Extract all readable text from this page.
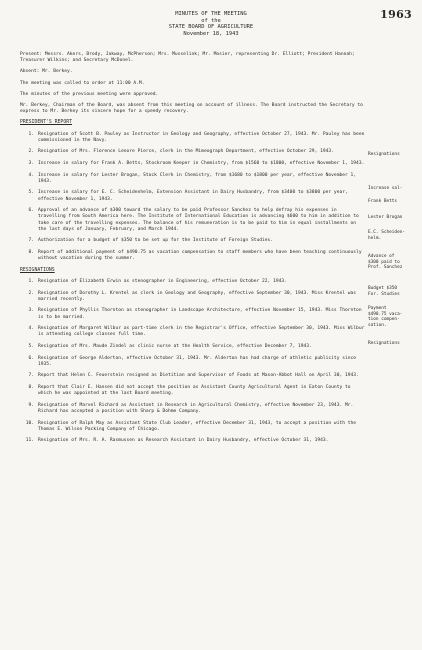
1963
MINUTES OF THE MEETING
of the
STATE BOARD OF AGRICULTURE
November 18, 1943

Present: Messrs. Akers, Brody, Jakway, McPherson; Mrs. Musselink; Mr. Mosier, representing Dr. Elliott; President Hannah; Treasurer Wilkins; and Secretary McDonel.

Absent: Mr. Berkey.

The meeting was called to order at 11:00 A.M.

The minutes of the previous meeting were approved.

Mr. Berkey, Chairman of the Board, was absent from this meeting on account of illness. The Board instructed the Secretary to express to Mr. Berkey its sincere hope for a speedy recovery.

PRESIDENT'S REPORT
1. Resignation of Scott B. Pauley as Instructor in Geology and Geography, effective October 27, 1943. Mr. Pauley has been commissioned in the Navy.
2. Resignation of Mrs. Florence Lenore Pierce, clerk in the Mimeograph Department, effective October 29, 1943.
3. Increase in salary for Frank A. Betts, Stockroom Keeper in Chemistry, from $1560 to $1800, effective November 1, 1943.
4. Increase in salary for Lester Brogan, Stock Clerk in Chemistry, from $1680 to $1800 per year, effective November 1, 1943.
5. Increase in salary for E. C. Scheidenhelm, Extension Assistant in Dairy Husbandry, from $3400 to $3800 per year, effective November 1, 1943.
6. Approval of an advance of $300 toward the salary to be paid Professor Sanchez to help defray his expenses in travelling from South America here. The Institute of International Education is advancing $600 to him in addition to take care of the travelling expenses. The balance of his remuneration is to be paid to him in equal installments on the last days of January, February, and March 1944.
7. Authorization for a budget of $350 to be set up for the Institute of Foreign Studies.
8. Report of additional payment of $490.75 as vacation compensation to staff members who have been teaching continuously without vacation during the summer.
RESIGNATIONS
1. Resignation of Elizabeth Erwin as stenographer in Engineering, effective October 22, 1943.
2. Resignation of Dorothy L. Krentel as clerk in Geology and Geography, effective September 30, 1943. Miss Krentel was married recently.
3. Resignation of Phyllis Thornton as stenographer in Landscape Architecture, effective November 15, 1943. Miss Thornton is to be married.
4. Resignation of Margaret Wilbur as part-time clerk in the Registrar's Office, effective September 30, 1943. Miss Wilbur is attending college classes full time.
5. Resignation of Mrs. Maude Zindel as clinic nurse at the Health Service, effective December 7, 1943.
6. Resignation of George Alderton, effective October 31, 1943. Mr. Alderton has had charge of athletic publicity since 1935.
7. Report that Helen C. Feuerstein resigned as Dietitian and Supervisor of Foods at Mason-Abbot Hall on April 30, 1943.
8. Report that Clair E. Hansen did not accept the position as Assistant County Agricultural Agent in Eaton County to which he was appointed at the last Board meeting.
9. Resignation of Marvel Richard as Assistant in Research in Agricultural Chemistry, effective November 23, 1943. Mr. Richard has accepted a position with Sharp & Dohme Company.
10. Resignation of Ralph May as Assistant State Club Leader, effective December 31, 1943, to accept a position with the Thomas E. Wilson Packing Company of Chicago.
11. Resignation of Mrs. R. A. Rasmussen as Research Assistant in Dairy Husbandry, effective October 31, 1943.
Resignations
Increase sal-
Frank Betts
Lester Brogan
E.C. Scheiden-
helm.
Advance of
$300 paid to
Prof. Sanchez
Budget $350
For. Studies
Payment
$490.75 vaca-
tion compen-
sation.
Resignations
